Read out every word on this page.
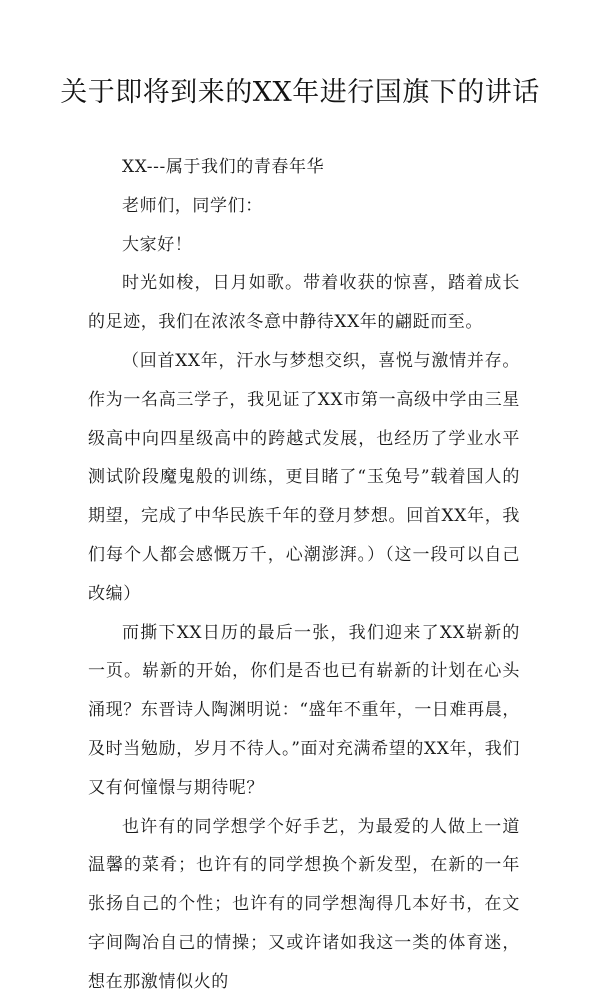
关于即将到来的XX年进行国旗下的讲话

XX---属于我们的青春年华

老师们，同学们：

大家好！

时光如梭，日月如歌。带着收获的惊喜，踏着成长的足迹，我们在浓浓冬意中静待XX年的翩跹而至。

（回首XX年，汗水与梦想交织，喜悦与激情并存。作为一名高三学子，我见证了XX市第一高级中学由三星级高中向四星级高中的跨越式发展，也经历了学业水平测试阶段魔鬼般的训练，更目睹了“玉兔号”载着国人的期望，完成了中华民族千年的登月梦想。回首XX年，我们每个人都会感慨万千，心潮澎湃。）（这一段可以自己改编）

而撕下XX日历的最后一张，我们迎来了XX崭新的一页。崭新的开始，你们是否也已有崭新的计划在心头涌现？东晋诗人陶渊明说：“盛年不重年，一日难再晨，及时当勉励，岁月不待人。”面对充满希望的XX年，我们又有何憧憬与期待呢？

也许有的同学想学个好手艺，为最爱的人做上一道温馨的菜肴；也许有的同学想换个新发型，在新的一年张扬自己的个性；也许有的同学想淘得几本好书，在文字间陶冶自己的情操；又或许诸如我这一类的体育迷，想在那激情似火的
